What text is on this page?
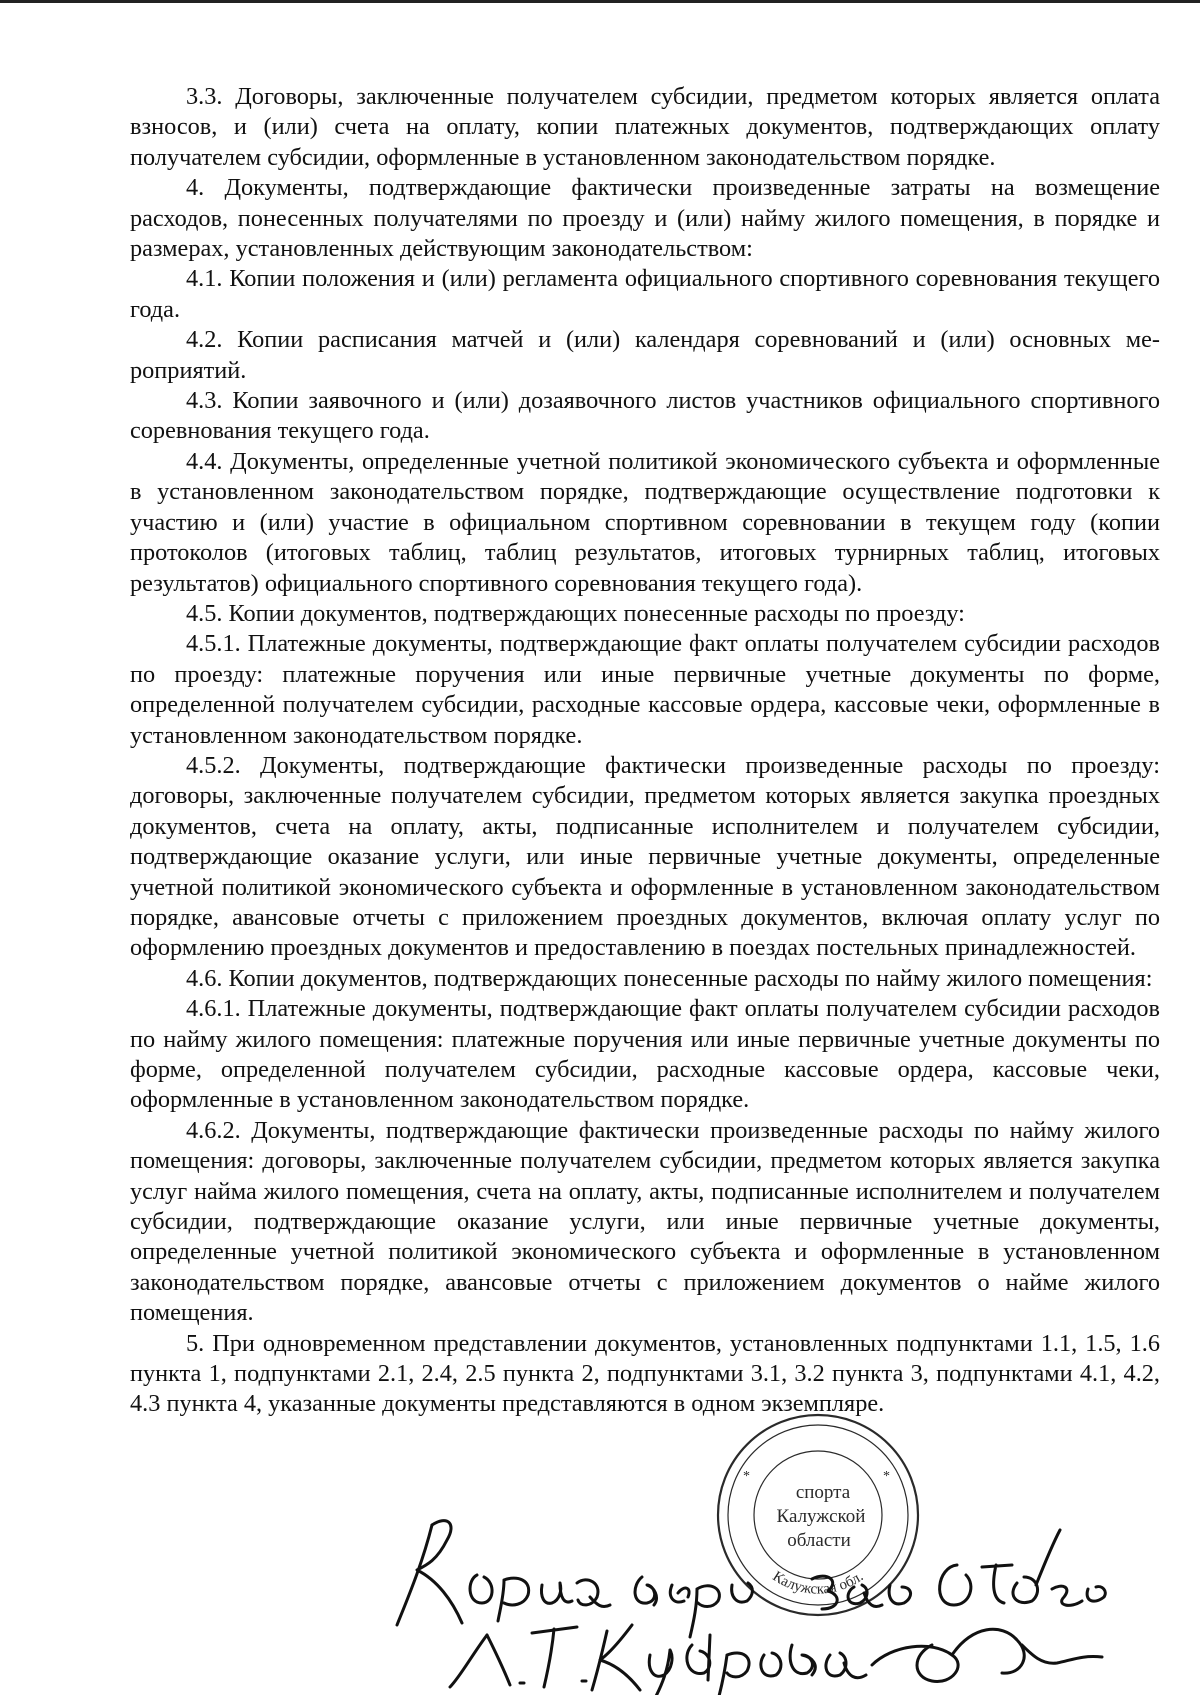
3.3. Договоры, заключенные получателем субсидии, предметом которых является оплата взносов, и (или) счета на оплату, копии платежных документов, подтверждающих оплату получателем субсидии, оформленные в установленном законодательством порядке.

4. Документы, подтверждающие фактически произведенные затраты на возмещение расходов, понесенных получателями по проезду и (или) найму жилого помещения, в порядке и размерах, установленных действующим законодательством:

4.1. Копии положения и (или) регламента официального спортивного соревнования текущего года.

4.2. Копии расписания матчей и (или) календаря соревнований и (или) основных мероприятий.

4.3. Копии заявочного и (или) дозаявочного листов участников официального спортивного соревнования текущего года.

4.4. Документы, определенные учетной политикой экономического субъекта и оформленные в установленном законодательством порядке, подтверждающие осуществление подготовки к участию и (или) участие в официальном спортивном соревновании в текущем году (копии протоколов (итоговых таблиц, таблиц результатов, итоговых турнирных таблиц, итоговых результатов) официального спортивного соревнования текущего года).

4.5. Копии документов, подтверждающих понесенные расходы по проезду:

4.5.1. Платежные документы, подтверждающие факт оплаты получателем субсидии расходов по проезду: платежные поручения или иные первичные учетные документы по форме, определенной получателем субсидии, расходные кассовые ордера, кассовые чеки, оформленные в установленном законодательством порядке.

4.5.2. Документы, подтверждающие фактически произведенные расходы по проезду: договоры, заключенные получателем субсидии, предметом которых является закупка проездных документов, счета на оплату, акты, подписанные исполнителем и получателем субсидии, подтверждающие оказание услуги, или иные первичные учетные документы, определенные учетной политикой экономического субъекта и оформленные в установленном законодательством порядке, авансовые отчеты с приложением проездных документов, включая оплату услуг по оформлению проездных документов и предоставлению в поездах постельных принадлежностей.

4.6. Копии документов, подтверждающих понесенные расходы по найму жилого помещения:

4.6.1. Платежные документы, подтверждающие факт оплаты получателем субсидии расходов по найму жилого помещения: платежные поручения или иные первичные учетные документы по форме, определенной получателем субсидии, расходные кассовые ордера, кассовые чеки, оформленные в установленном законодательством порядке.

4.6.2. Документы, подтверждающие фактически произведенные расходы по найму жилого помещения: договоры, заключенные получателем субсидии, предметом которых является закупка услуг найма жилого помещения, счета на оплату, акты, подписанные исполнителем и получателем субсидии, подтверждающие оказание услуги, или иные первичные учетные документы, определенные учетной политикой экономического субъекта и оформленные в установленном законодательством порядке, авансовые отчеты с приложением документов о найме жилого помещения.

5. При одновременном представлении документов, установленных подпунктами 1.1, 1.5, 1.6 пункта 1, подпунктами 2.1, 2.4, 2.5 пункта 2, подпунктами 3.1, 3.2 пункта 3, подпунктами 4.1, 4.2, 4.3 пункта 4, указанные документы представляются в одном экземпляре.

Калужская обл.
спорта
Калужской
области
*	*
